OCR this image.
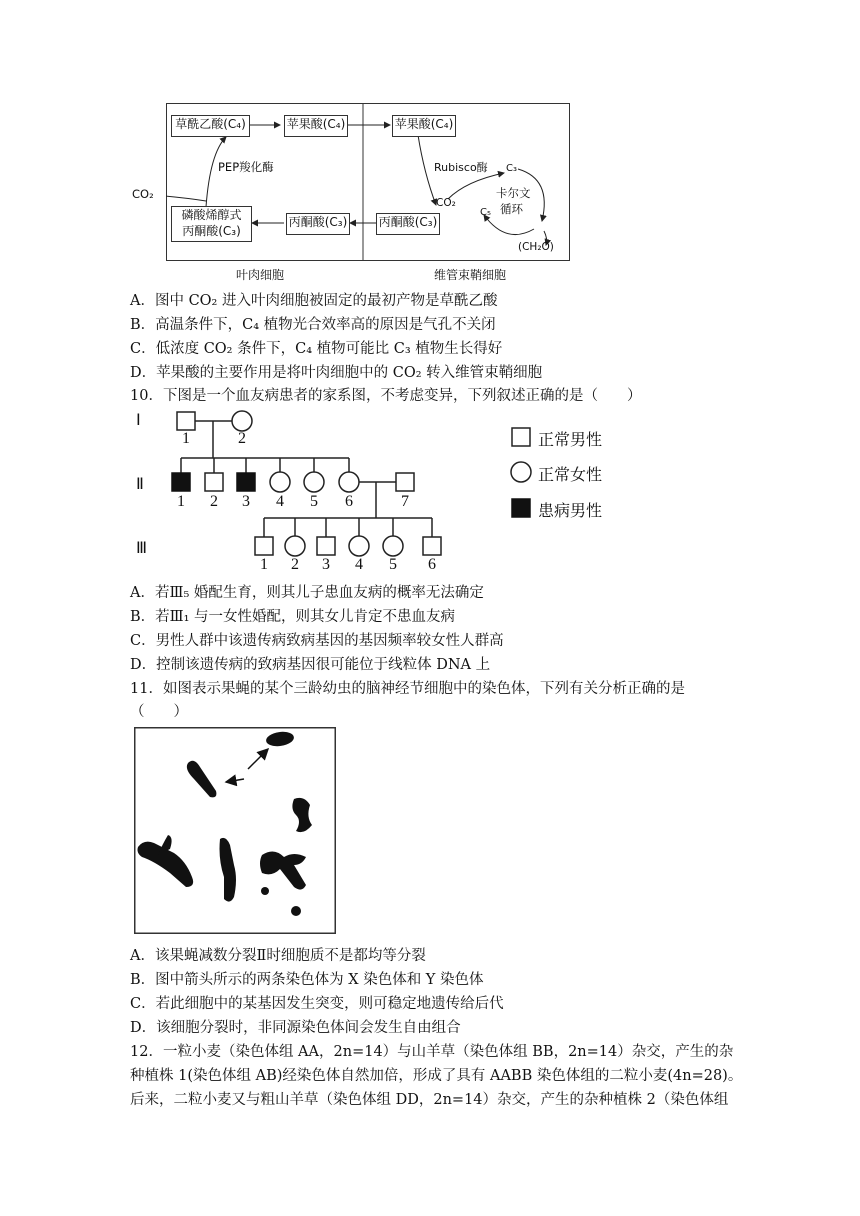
草酰乙酸(C₄)	苹果酸(C₄)	苹果酸(C₄)
磷酸烯醇式
丙酮酸(C₃)
丙酮酸(C₃)	丙酮酸(C₃)
PEP羧化酶
CO₂
Rubisco酶 C₃
卡尔文
循环
C₅
CO₂
(CH₂O)
叶肉细胞	维管束鞘细胞
A．图中 CO₂ 进入叶肉细胞被固定的最初产物是草酰乙酸
B．高温条件下，C₄ 植物光合效率高的原因是气孔不关闭
C．低浓度 CO₂ 条件下，C₄ 植物可能比 C₃ 植物生长得好
D．苹果酸的主要作用是将叶肉细胞中的 CO₂ 转入维管束鞘细胞
10．下图是一个血友病患者的家系图，不考虑变异，下列叙述正确的是（　　）
Ⅰ
Ⅱ
Ⅲ
1	2
1 2 3 4 5 6	7
1 2 3 4 5 6
正常男性
正常女性
患病男性
A．若Ⅲ₅ 婚配生育，则其儿子患血友病的概率无法确定
B．若Ⅲ₁ 与一女性婚配，则其女儿肯定不患血友病
C．男性人群中该遗传病致病基因的基因频率较女性人群高
D．控制该遗传病的致病基因很可能位于线粒体 DNA 上
11．如图表示果蝇的某个三龄幼虫的脑神经节细胞中的染色体，下列有关分析正确的是
（　　）
A．该果蝇减数分裂Ⅱ时细胞质不是都均等分裂
B．图中箭头所示的两条染色体为 X 染色体和 Y 染色体
C．若此细胞中的某基因发生突变，则可稳定地遗传给后代
D．该细胞分裂时，非同源染色体间会发生自由组合
12．一粒小麦（染色体组 AA，2n=14）与山羊草（染色体组 BB，2n=14）杂交，产生的杂
种植株 1(染色体组 AB)经染色体自然加倍，形成了具有 AABB 染色体组的二粒小麦(4n=28)。
后来，二粒小麦又与粗山羊草（染色体组 DD，2n=14）杂交，产生的杂种植株 2（染色体组
